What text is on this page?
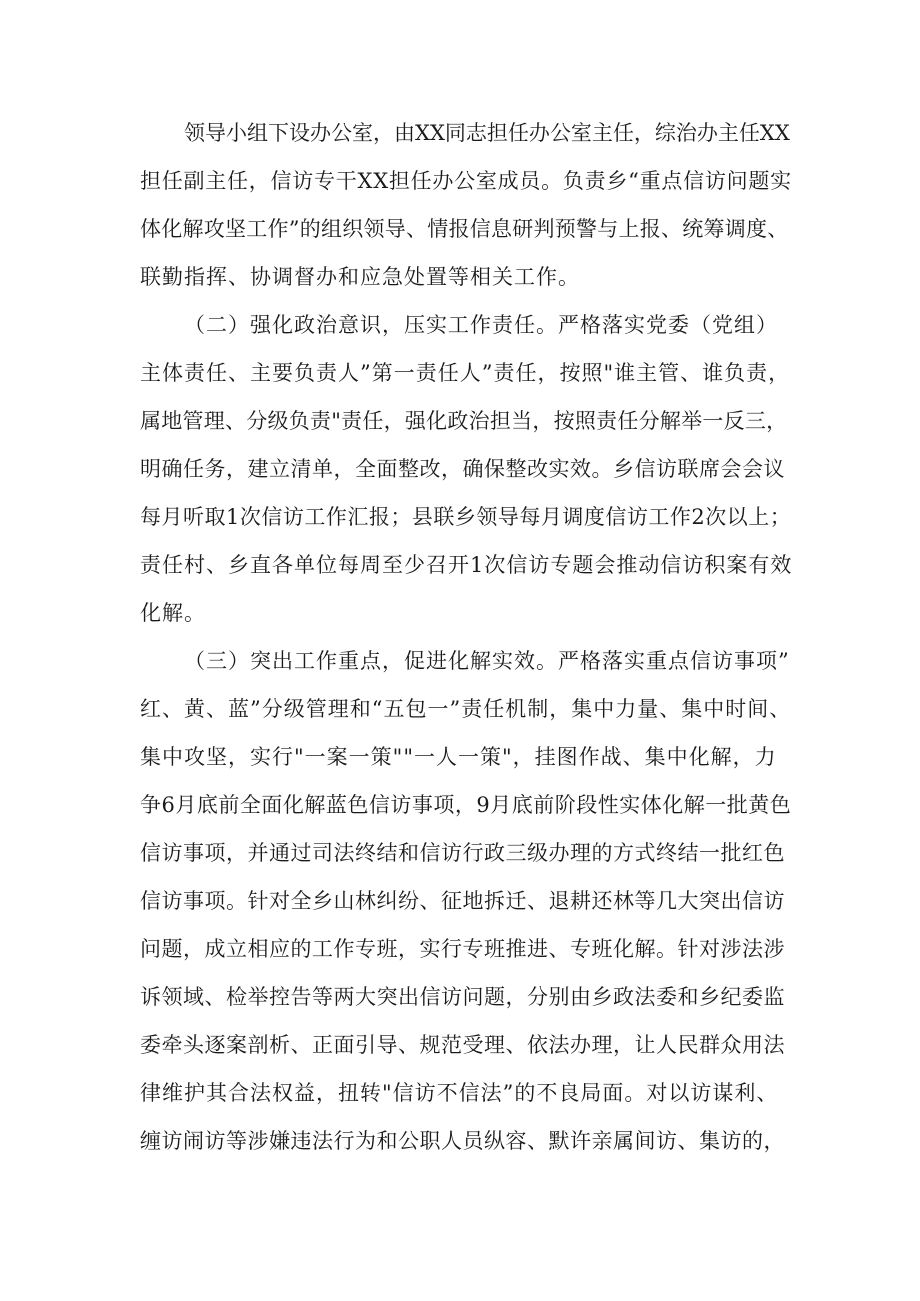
领导小组下设办公室，由XX同志担任办公室主任，综治办主任XX

担任副主任，信访专干XX担任办公室成员。负责乡“重点信访问题实

体化解攻坚工作”的组织领导、情报信息研判预警与上报、统筹调度、

联勤指挥、协调督办和应急处置等相关工作。

（二）强化政治意识，压实工作责任。严格落实党委（党组）

主体责任、主要负责人”第一责任人”责任，按照"谁主管、谁负责，

属地管理、分级负责"责任，强化政治担当，按照责任分解举一反三，

明确任务，建立清单，全面整改，确保整改实效。乡信访联席会会议

每月听取1次信访工作汇报；县联乡领导每月调度信访工作2次以上；

责任村、乡直各单位每周至少召开1次信访专题会推动信访积案有效

化解。

（三）突出工作重点，促进化解实效。严格落实重点信访事项”

红、黄、蓝”分级管理和“五包一”责任机制，集中力量、集中时间、

集中攻坚，实行"一案一策""一人一策"，挂图作战、集中化解，力

争6月底前全面化解蓝色信访事项，9月底前阶段性实体化解一批黄色

信访事项，并通过司法终结和信访行政三级办理的方式终结一批红色

信访事项。针对全乡山林纠纷、征地拆迁、退耕还林等几大突出信访

问题，成立相应的工作专班，实行专班推进、专班化解。针对涉法涉

诉领域、检举控告等两大突出信访问题，分别由乡政法委和乡纪委监

委牵头逐案剖析、正面引导、规范受理、依法办理，让人民群众用法

律维护其合法权益，扭转"信访不信法”的不良局面。对以访谋利、

缠访闹访等涉嫌违法行为和公职人员纵容、默许亲属间访、集访的，
